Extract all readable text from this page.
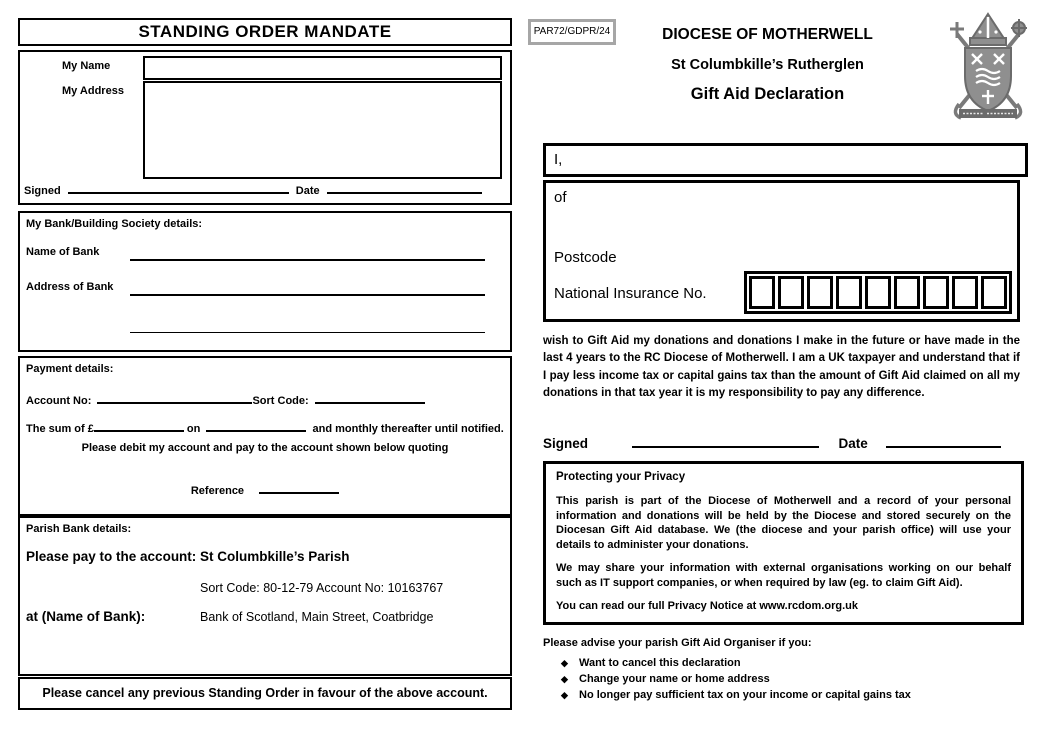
STANDING ORDER MANDATE
My Name
My Address
Signed	Date
My Bank/Building Society details:
Name of Bank
Address of Bank
Payment details:
Account No:	Sort Code:
The sum of £	on	and monthly thereafter until notified.
Please debit my account and pay to the account shown below quoting
Reference
Parish Bank details:
Please pay to the account: St Columbkille’s Parish
Sort Code: 80-12-79 Account No: 10163767
at (Name of Bank):	Bank of Scotland, Main Street, Coatbridge
Please cancel any previous Standing Order in favour of the above account.
PAR72/GDPR/24	DIOCESE OF MOTHERWELL
St Columbkille’s Rutherglen
Gift Aid Declaration
I,
of
Postcode
National Insurance No.
wish to Gift Aid my donations and donations I make in the future or have made in the last 4 years to the RC Diocese of Motherwell. I am a UK taxpayer and understand that if I pay less income tax or capital gains tax than the amount of Gift Aid claimed on all my donations in that tax year it is my responsibility to pay any difference.
Signed	Date

Protecting your Privacy

This parish is part of the Diocese of Motherwell and a record of your personal information and donations will be held by the Diocese and stored securely on the Diocesan Gift Aid database. We (the diocese and your parish office) will use your details to administer your donations.

We may share your information with external organisations working on our behalf such as IT support companies, or when required by law (eg. to claim Gift Aid).

You can read our full Privacy Notice at www.rcdom.org.uk

Please advise your parish Gift Aid Organiser if you:

◆ Want to cancel this declaration
◆ Change your name or home address
◆ No longer pay sufficient tax on your income or capital gains tax
